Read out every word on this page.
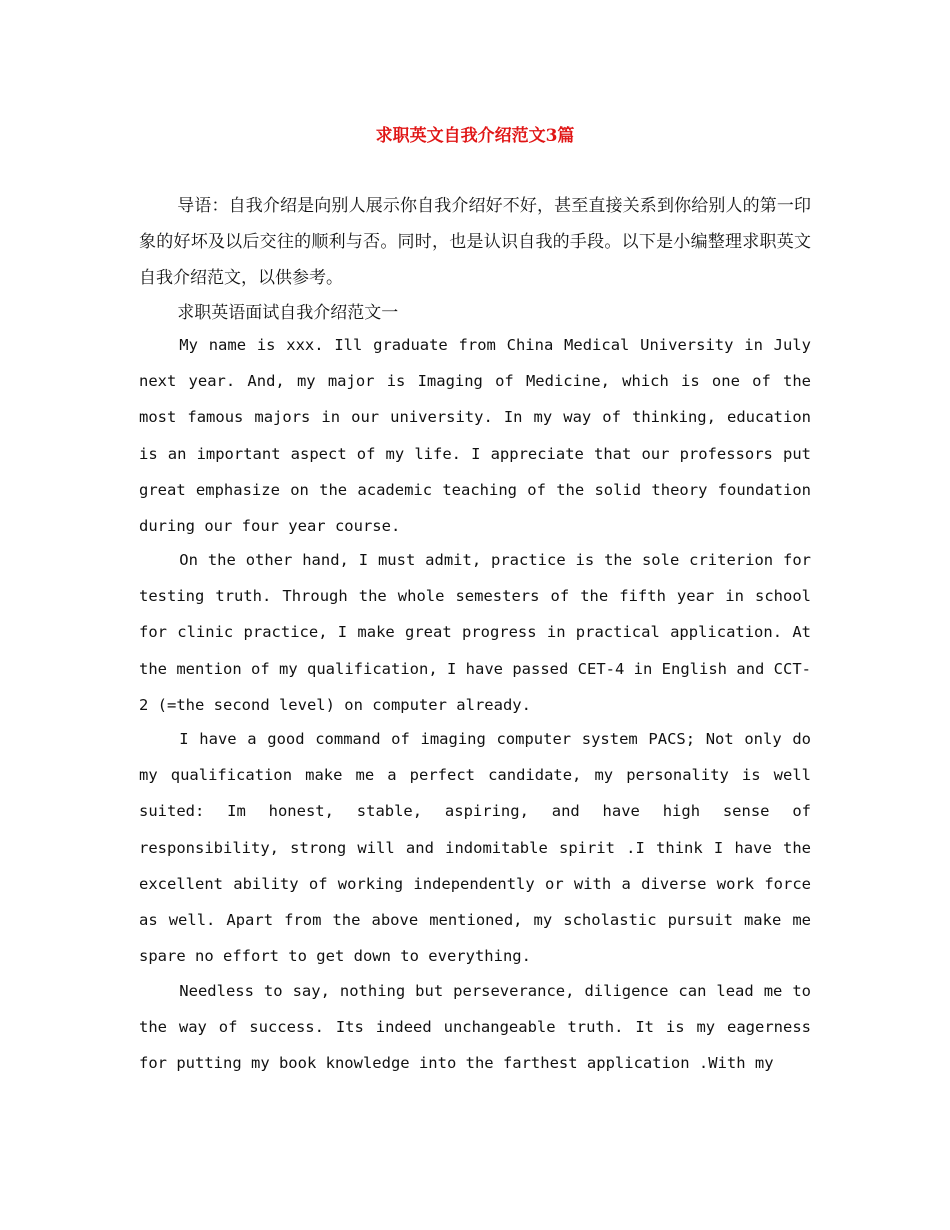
求职英文自我介绍范文3篇

导语：自我介绍是向别人展示你自我介绍好不好，甚至直接关系到你给别人的第一印象的好坏及以后交往的顺利与否。同时，也是认识自我的手段。以下是小编整理求职英文自我介绍范文，以供参考。

求职英语面试自我介绍范文一

My name is xxx. Ill graduate from China Medical University in July next year. And, my major is Imaging of Medicine, which is one of the most famous majors in our university. In my way of thinking, education is an important aspect of my life. I appreciate that our professors put great emphasize on the academic teaching of the solid theory foundation during our four year course.

On the other hand, I must admit, practice is the sole criterion for testing truth. Through the whole semesters of the fifth year in school for clinic practice, I make great progress in practical application. At the mention of my qualification, I have passed CET-4 in English and CCT-2 (=the second level) on computer already.

I have a good command of imaging computer system PACS; Not only do my qualification make me a perfect candidate, my personality is well suited: Im honest, stable, aspiring, and have high sense of responsibility, strong will and indomitable spirit .I think I have the excellent ability of working independently or with a diverse work force as well. Apart from the above mentioned, my scholastic pursuit make me spare no effort to get down to everything.

Needless to say, nothing but perseverance, diligence can lead me to the way of success. Its indeed unchangeable truth. It is my eagerness for putting my book knowledge into the farthest application .With my
